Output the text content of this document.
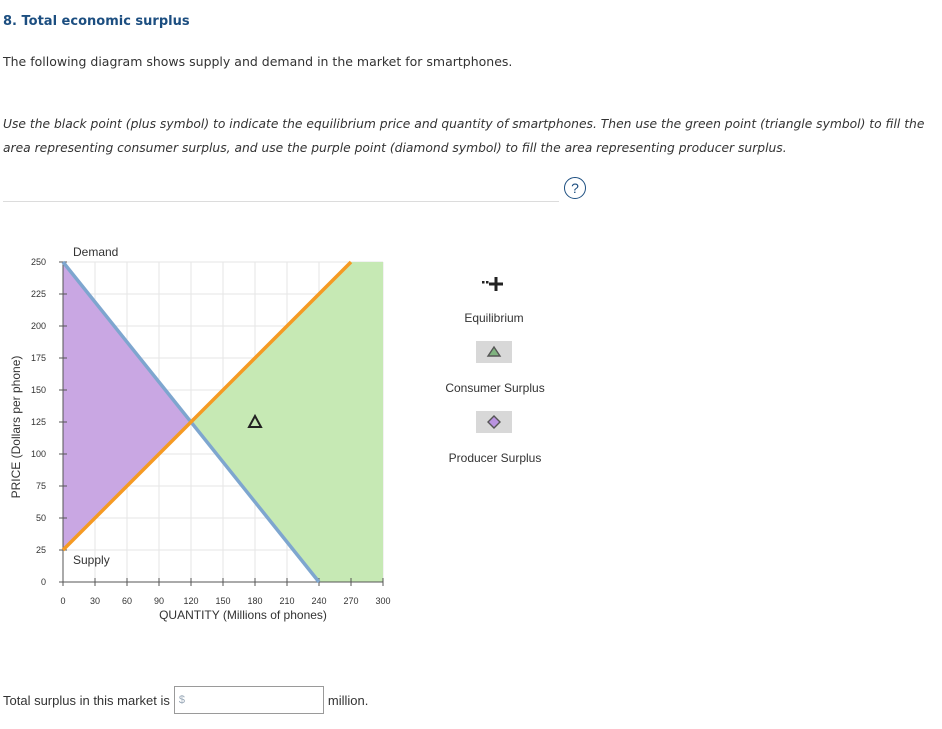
8. Total economic surplus
The following diagram shows supply and demand in the market for smartphones.
Use the black point (plus symbol) to indicate the equilibrium price and quantity of smartphones. Then use the green point (triangle symbol) to fill the area representing consumer surplus, and use the purple point (diamond symbol) to fill the area representing producer surplus.
?
0	30 60 90 120 150 180 210 240 270 300
0
25
50
75
100
125
150
175
200
225
250
Demand
Supply
QUANTITY (Millions of phones)
PRICE (Dollars per phone)
Equilibrium
Consumer Surplus
Producer Surplus
Total surplus in this market is $	million.
